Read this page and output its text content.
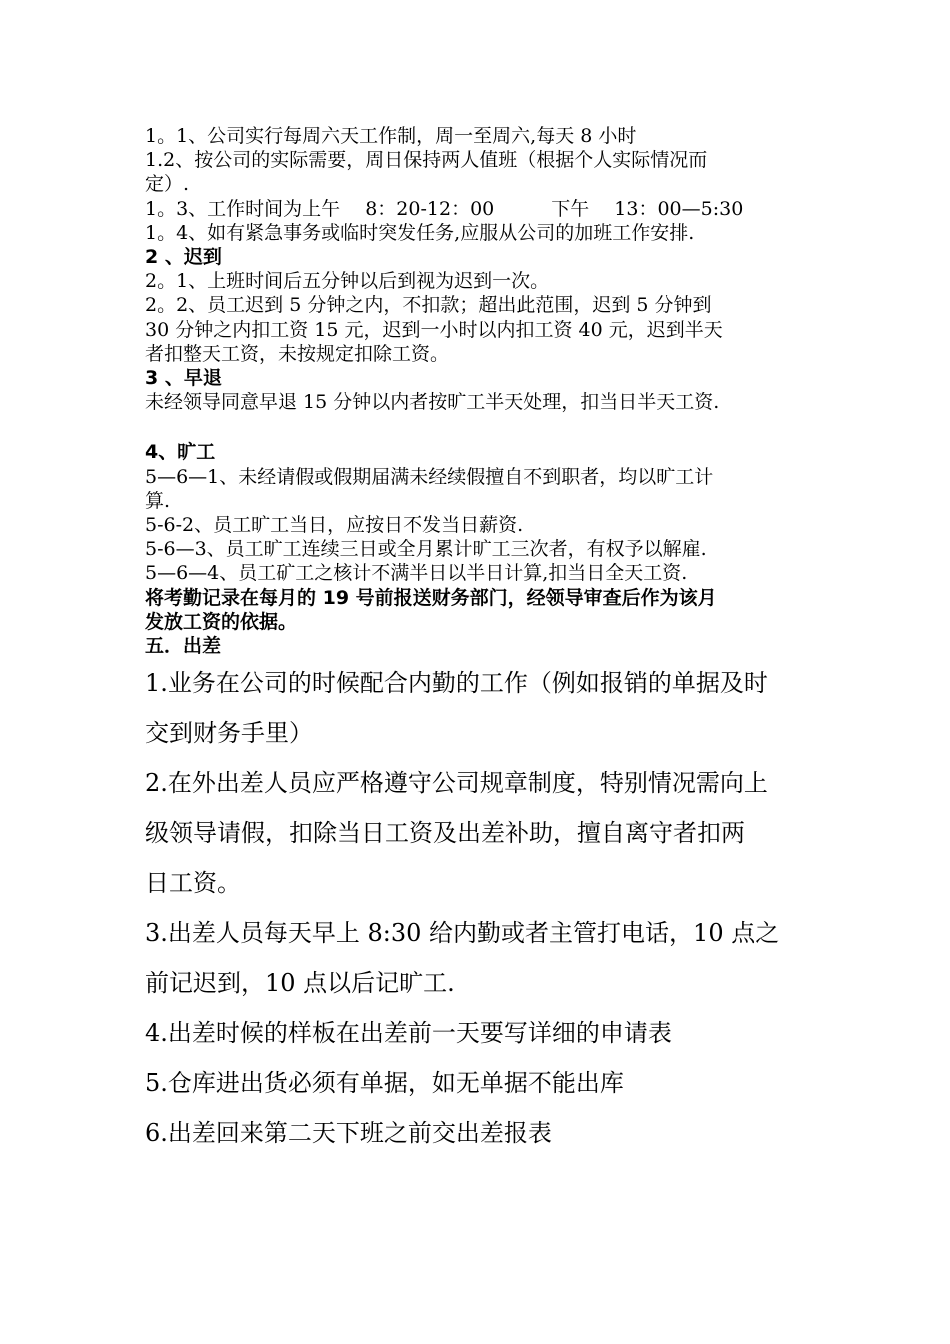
1。1、公司实行每周六天工作制，周一至周六,每天 8 小时
1.2、按公司的实际需要，周日保持两人值班（根据个人实际情况而
定）.
1。3、工作时间为上午　 8：20-12：00　　　下午　 13：00—5:30
1。4、如有紧急事务或临时突发任务,应服从公司的加班工作安排.
2 、迟到
2。1、上班时间后五分钟以后到视为迟到一次。
2。2、员工迟到 5 分钟之内，不扣款；超出此范围，迟到 5 分钟到
30 分钟之内扣工资 15 元，迟到一小时以内扣工资 40 元，迟到半天
者扣整天工资，未按规定扣除工资。
3 、早退
未经领导同意早退 15 分钟以内者按旷工半天处理，扣当日半天工资.
4、旷工
5—6—1、未经请假或假期届满未经续假擅自不到职者，均以旷工计
算.
5-6-2、员工旷工当日，应按日不发当日薪资.
5-6—3、员工旷工连续三日或全月累计旷工三次者，有权予以解雇.
5—6—4、员工矿工之核计不满半日以半日计算,扣当日全天工资.
将考勤记录在每月的 19 号前报送财务部门，经领导审查后作为该月
发放工资的依据。
五．出差
1.业务在公司的时候配合内勤的工作（例如报销的单据及时
交到财务手里）
2.在外出差人员应严格遵守公司规章制度，特别情况需向上
级领导请假，扣除当日工资及出差补助，擅自离守者扣两
日工资。
3.出差人员每天早上 8:30 给内勤或者主管打电话，10 点之
前记迟到，10 点以后记旷工.
4.出差时候的样板在出差前一天要写详细的申请表
5.仓库进出货必须有单据，如无单据不能出库
6.出差回来第二天下班之前交出差报表
